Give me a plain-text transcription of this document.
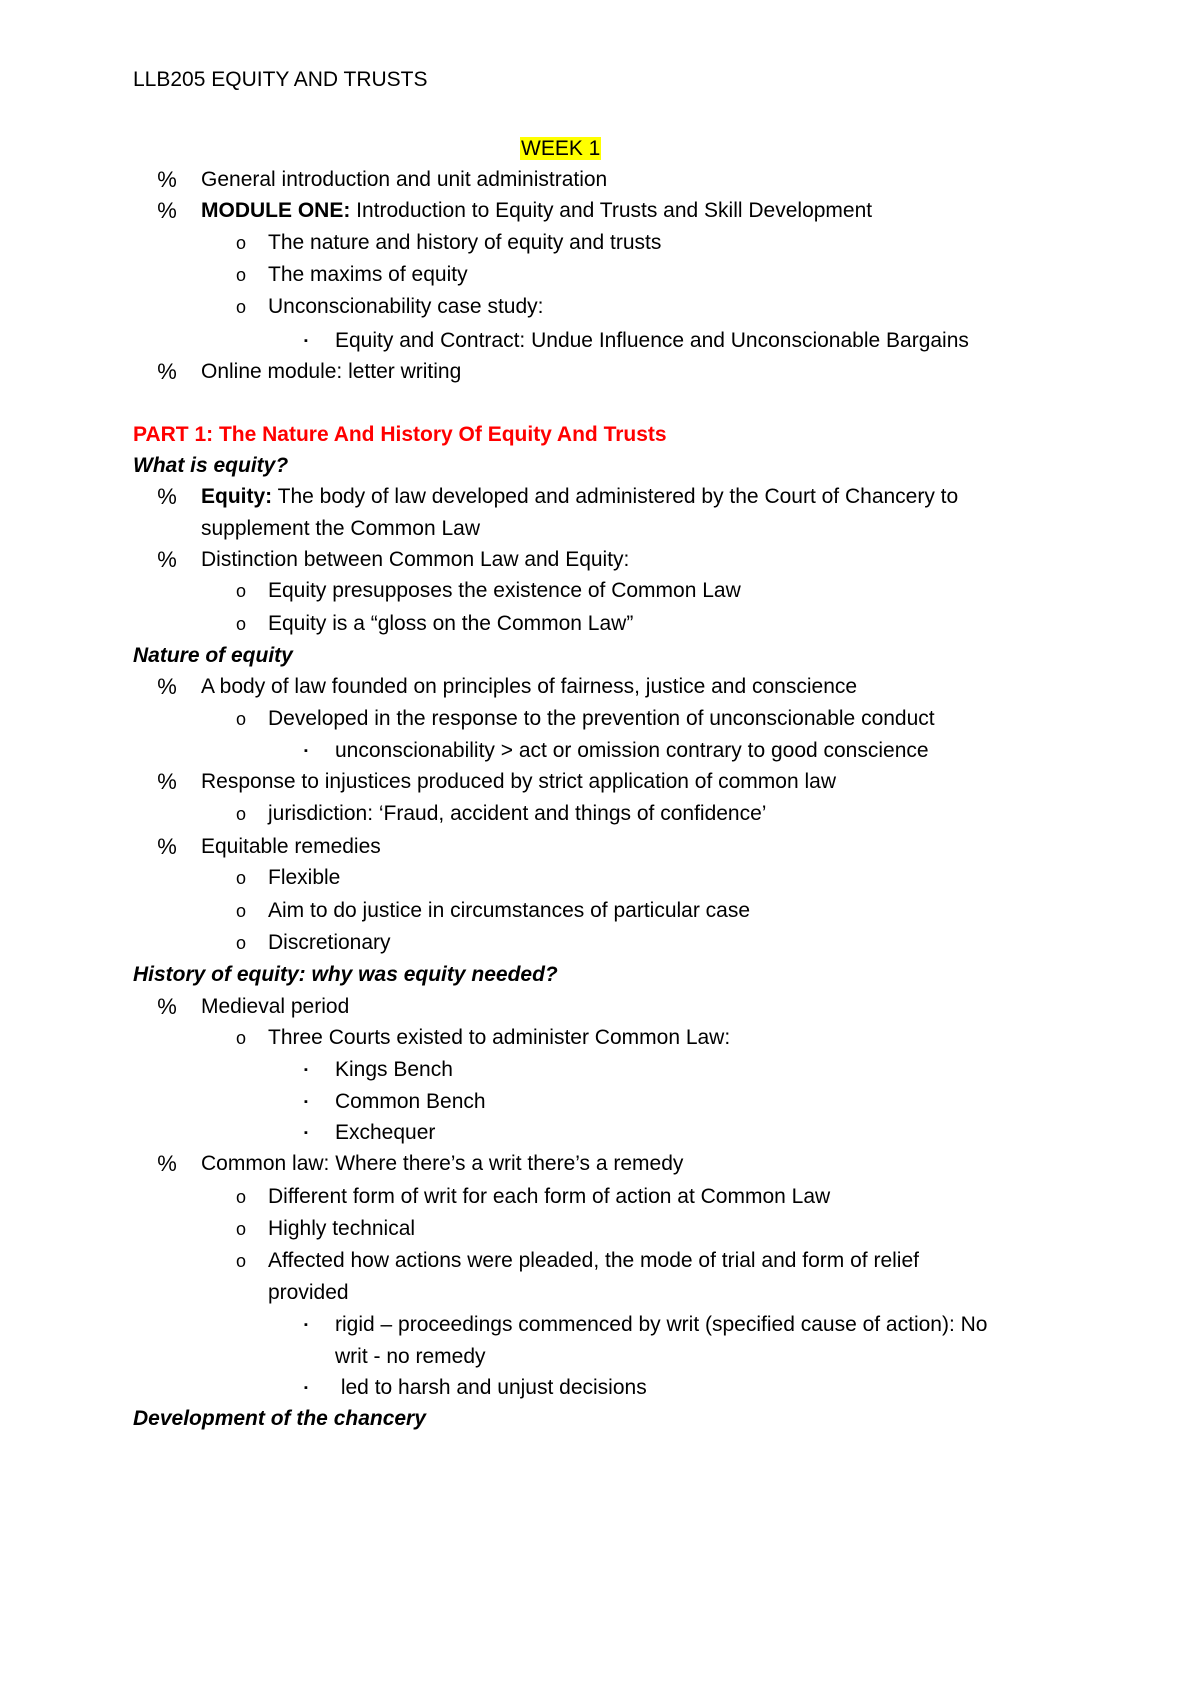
LLB205 EQUITY AND TRUSTS
WEEK 1
% General introduction and unit administration
% MODULE ONE: Introduction to Equity and Trusts and Skill Development
o	The nature and history of equity and trusts
o	The maxims of equity
o	Unconscionability case study:
▪	Equity and Contract: Undue Influence and Unconscionable Bargains
% Online module: letter writing
PART 1: The Nature And History Of Equity And Trusts
What is equity?
% Equity: The body of law developed and administered by the Court of Chancery to
supplement the Common Law
% Distinction between Common Law and Equity:
o	Equity presupposes the existence of Common Law
o	Equity is a “gloss on the Common Law”
Nature of equity
% A body of law founded on principles of fairness, justice and conscience
o	Developed in the response to the prevention of unconscionable conduct
▪	unconscionability > act or omission contrary to good conscience
% Response to injustices produced by strict application of common law
o	jurisdiction: ‘Fraud, accident and things of confidence’
% Equitable remedies
o	Flexible
o	Aim to do justice in circumstances of particular case
o	Discretionary
History of equity: why was equity needed?
% Medieval period
o	Three Courts existed to administer Common Law:
▪	Kings Bench
▪	Common Bench
▪	Exchequer
% Common law: Where there’s a writ there’s a remedy
o	Different form of writ for each form of action at Common Law
o	Highly technical
o	Affected how actions were pleaded, the mode of trial and form of relief
provided
▪	rigid – proceedings commenced by writ (specified cause of action): No
writ - no remedy
▪	led to harsh and unjust decisions
Development of the chancery
